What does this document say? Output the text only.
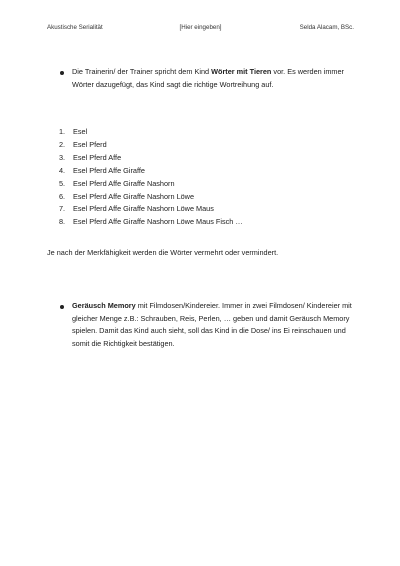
Akustische Serialität	[Hier eingeben]	Selda Alacam, BSc.
Die Trainerin/ der Trainer spricht dem Kind Wörter mit Tieren vor. Es werden immer Wörter dazugefügt, das Kind sagt die richtige Wortreihung auf.
1.	Esel
2.	Esel Pferd
3.	Esel Pferd Affe
4.	Esel Pferd Affe Giraffe
5.	Esel Pferd Affe Giraffe Nashorn
6.	Esel Pferd Affe Giraffe Nashorn Löwe
7.	Esel Pferd Affe Giraffe Nashorn Löwe Maus
8.	Esel Pferd Affe Giraffe Nashorn Löwe Maus Fisch …
Je nach der Merkfähigkeit werden die Wörter vermehrt oder vermindert.
Geräusch Memory mit Filmdosen/Kindereier. Immer in zwei Filmdosen/ Kindereier mit gleicher Menge z.B.: Schrauben, Reis, Perlen, … geben und damit Geräusch Memory spielen. Damit das Kind auch sieht, soll das Kind in die Dose/ ins Ei reinschauen und somit die Richtigkeit bestätigen.
